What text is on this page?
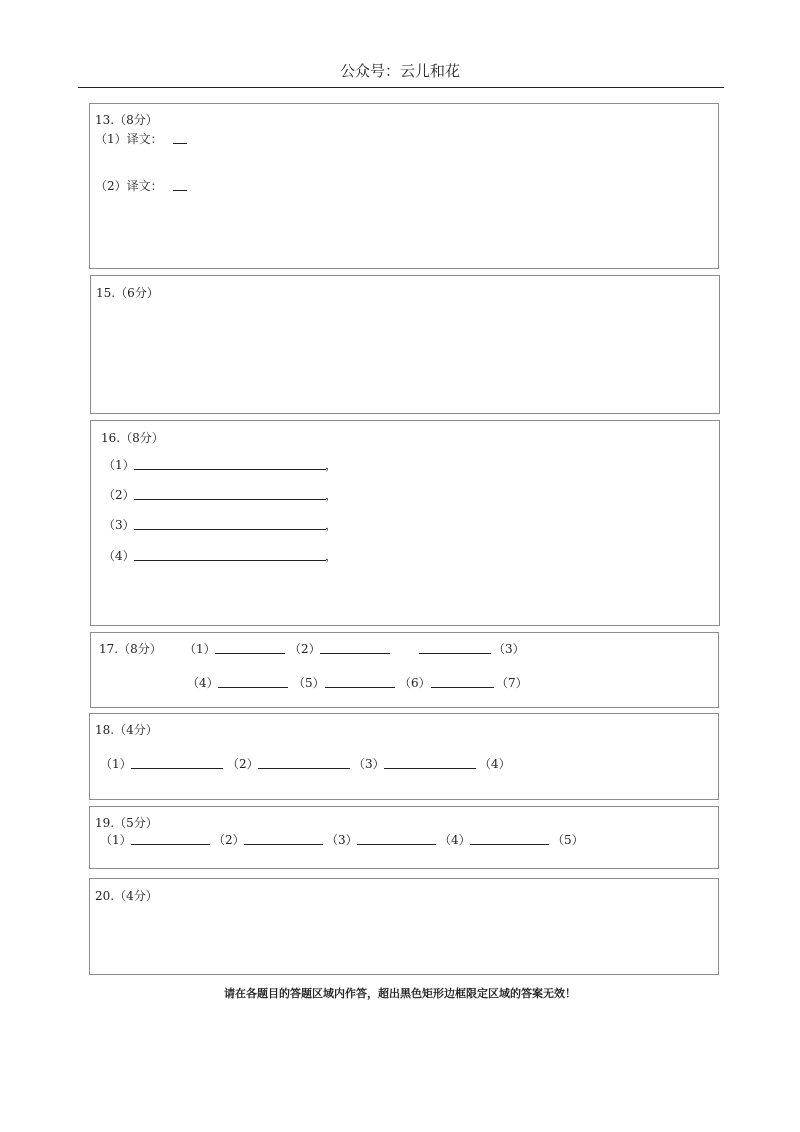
公众号：云儿和花
13.（8分）
（1）译文：
（2）译文：
15.（6分）
16.（8分）
（1）	，
（2）	，
（3）	，
（4）	，
17.（8分） （1）	（2）	（3）
（4）	（5）	（6）	（7）
18.（4分）
（1）	（2）	（3）	（4）
19.（5分）
（1）	（2）	（3）	（4）	（5）
20.（4分）
请在各题目的答题区域内作答，超出黑色矩形边框限定区域的答案无效！
